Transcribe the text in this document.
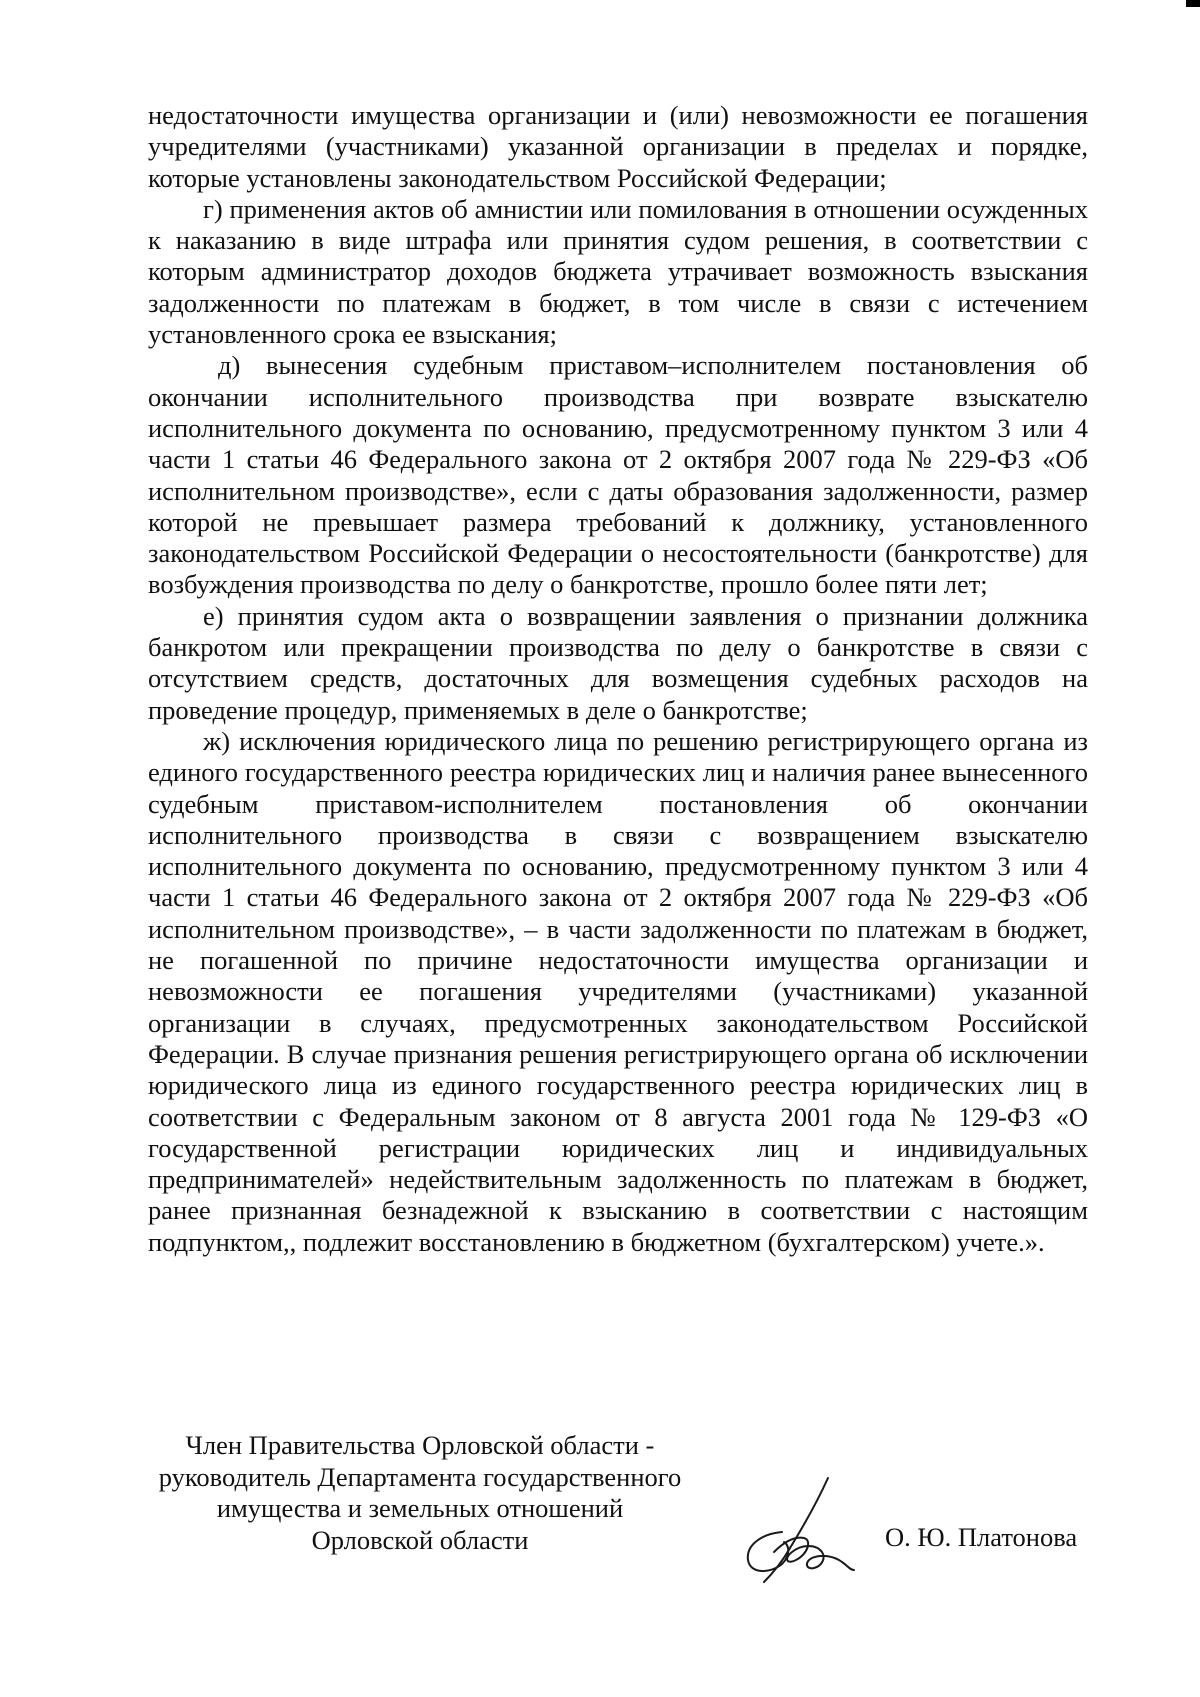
недостаточности имущества организации и (или) невозможности ее погашения учредителями (участниками) указанной организации в пределах и порядке, которые установлены законодательством Российской Федерации;

г) применения актов об амнистии или помилования в отношении осужденных к наказанию в виде штрафа или принятия судом решения, в соответствии с которым администратор доходов бюджета утрачивает возможность взыскания задолженности по платежам в бюджет, в том числе в связи с истечением установленного срока ее взыскания;

д) вынесения судебным приставом–исполнителем постановления об окончании исполнительного производства при возврате взыскателю исполнительного документа по основанию, предусмотренному пунктом 3 или 4 части 1 статьи 46 Федерального закона от 2 октября 2007 года № 229-ФЗ «Об исполнительном производстве», если с даты образования задолженности, размер которой не превышает размера требований к должнику, установленного законодательством Российской Федерации о несостоятельности (банкротстве) для возбуждения производства по делу о банкротстве, прошло более пяти лет;

е) принятия судом акта о возвращении заявления о признании должника банкротом или прекращении производства по делу о банкротстве в связи с отсутствием средств, достаточных для возмещения судебных расходов на проведение процедур, применяемых в деле о банкротстве;

ж) исключения юридического лица по решению регистрирующего органа из единого государственного реестра юридических лиц и наличия ранее вынесенного судебным приставом-исполнителем постановления об окончании исполнительного производства в связи с возвращением взыскателю исполнительного документа по основанию, предусмотренному пунктом 3 или 4 части 1 статьи 46 Федерального закона от 2 октября 2007 года № 229-ФЗ «Об исполнительном производстве», – в части задолженности по платежам в бюджет, не погашенной по причине недостаточности имущества организации и невозможности ее погашения учредителями (участниками) указанной организации в случаях, предусмотренных законодательством Российской Федерации. В случае признания решения регистрирующего органа об исключении юридического лица из единого государственного реестра юридических лиц в соответствии с Федеральным законом от 8 августа 2001 года № 129-ФЗ «О государственной регистрации юридических лиц и индивидуальных предпринимателей» недействительным задолженность по платежам в бюджет, ранее признанная безнадежной к взысканию в соответствии с настоящим подпунктом,, подлежит восстановлению в бюджетном (бухгалтерском) учете.».

Член Правительства Орловской области -
руководитель Департамента государственного
имущества и земельных отношений
Орловской области	О. Ю. Платонова
